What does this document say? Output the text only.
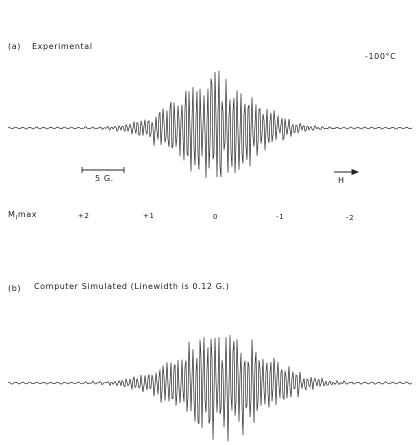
(a) Experimental
-100°C
5 G.	H
$M_I\max$	+2	+1	0	-1	-2
(b) Computer Simulated (Linewidth is 0.12 G.)
